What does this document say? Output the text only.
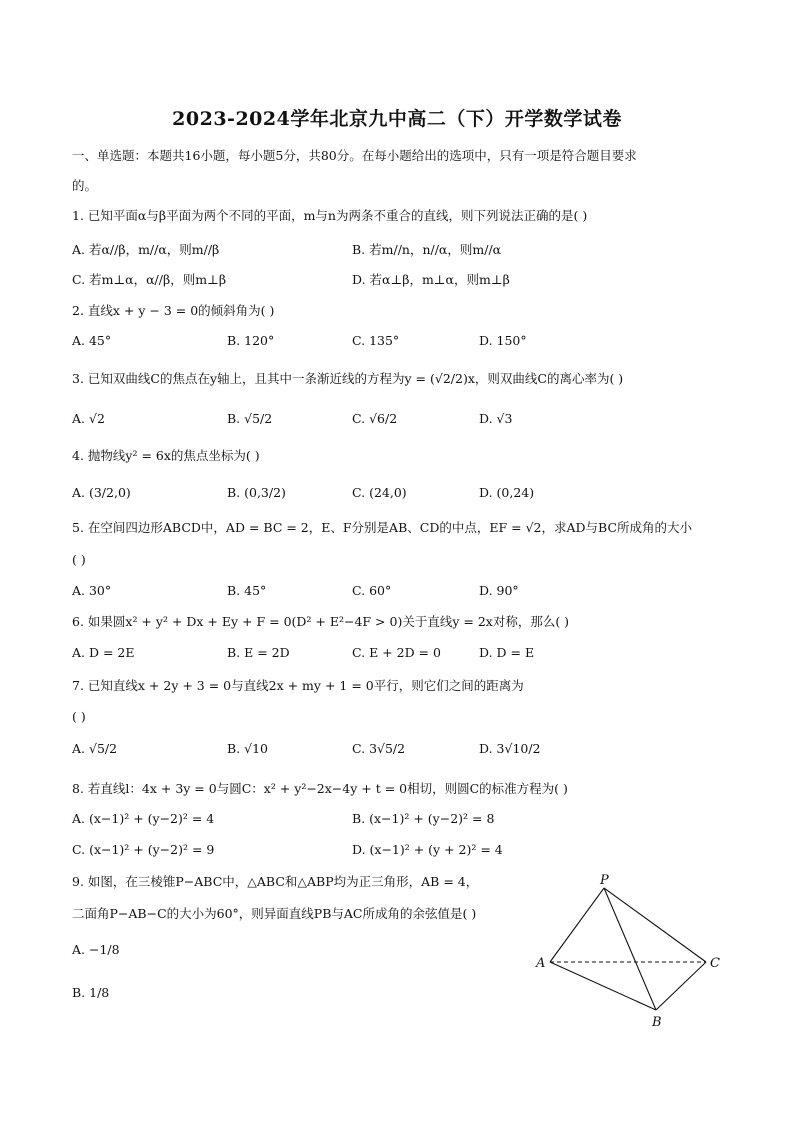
2023-2024学年北京九中高二（下）开学数学试卷
一、单选题：本题共16小题，每小题5分，共80分。在每小题给出的选项中，只有一项是符合题目要求
的。
1. 已知平面α与β平面为两个不同的平面，m与n为两条不重合的直线，则下列说法正确的是( )
A. 若α//β，m//α，则m//β	B. 若m//n，n//α，则m//α
C. 若m⊥α，α//β，则m⊥β	D. 若α⊥β，m⊥α，则m⊥β
2. 直线x + y − 3 = 0的倾斜角为( )
A. 45°	B. 120°	C. 135°	D. 150°
3. 已知双曲线C的焦点在y轴上，且其中一条渐近线的方程为y = (√2/2)x，则双曲线C的离心率为( )
A. √2	B. √5/2	C. √6/2	D. √3
4. 抛物线y² = 6x的焦点坐标为( )
A. (3/2,0)	B. (0,3/2)	C. (24,0)	D. (0,24)
5. 在空间四边形ABCD中，AD = BC = 2，E、F分别是AB、CD的中点，EF = √2，求AD与BC所成角的大小
( )
A. 30°	B. 45°	C. 60°	D. 90°
6. 如果圆x² + y² + Dx + Ey + F = 0(D² + E²−4F > 0)关于直线y = 2x对称，那么( )
A. D = 2E	B. E = 2D	C. E + 2D = 0	D. D = E
7. 已知直线x + 2y + 3 = 0与直线2x + my + 1 = 0平行，则它们之间的距离为
( )
A. √5/2	B. √10	C. 3√5/2	D. 3√10/2
8. 若直线l：4x + 3y = 0与圆C：x² + y²−2x−4y + t = 0相切，则圆C的标准方程为( )
A. (x−1)² + (y−2)² = 4	B. (x−1)² + (y−2)² = 8
C. (x−1)² + (y−2)² = 9	D. (x−1)² + (y + 2)² = 4
9. 如图，在三棱锥P−ABC中，△ABC和△ABP均为正三角形，AB = 4，
二面角P−AB−C的大小为60°，则异面直线PB与AC所成角的余弦值是( )
A. −1/8
B. 1/8
P
A	C
B
